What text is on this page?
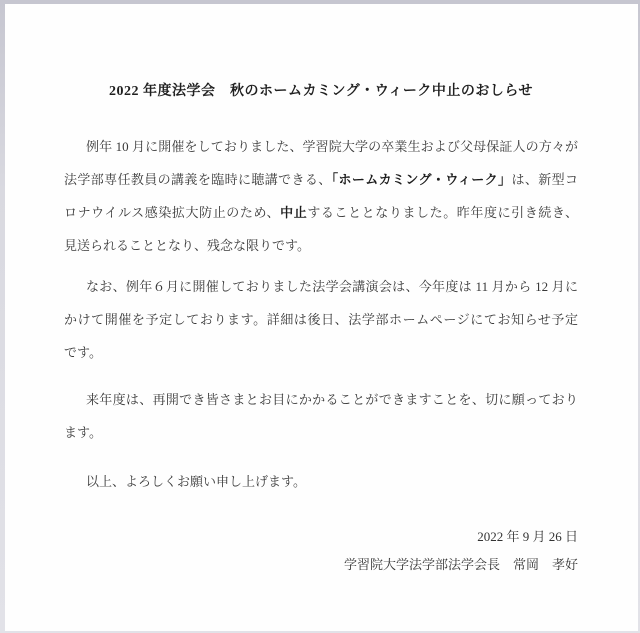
2022 年度法学会　秋のホームカミング・ウィーク中止のおしらせ
例年 10 月に開催をしておりました、学習院大学の卒業生および父母保証人の方々が
法学部専任教員の講義を臨時に聴講できる、「ホームカミング・ウィーク」は、新型コ
ロナウイルス感染拡大防止のため、中止することとなりました。昨年度に引き続き、
見送られることとなり、残念な限りです。
なお、例年６月に開催しておりました法学会講演会は、今年度は 11 月から 12 月に
かけて開催を予定しております。詳細は後日、法学部ホームページにてお知らせ予定
です。
来年度は、再開でき皆さまとお目にかかることができますことを、切に願っており
ます。
以上、よろしくお願い申し上げます。
2022 年 9 月 26 日
学習院大学法学部法学会長　常岡　孝好
